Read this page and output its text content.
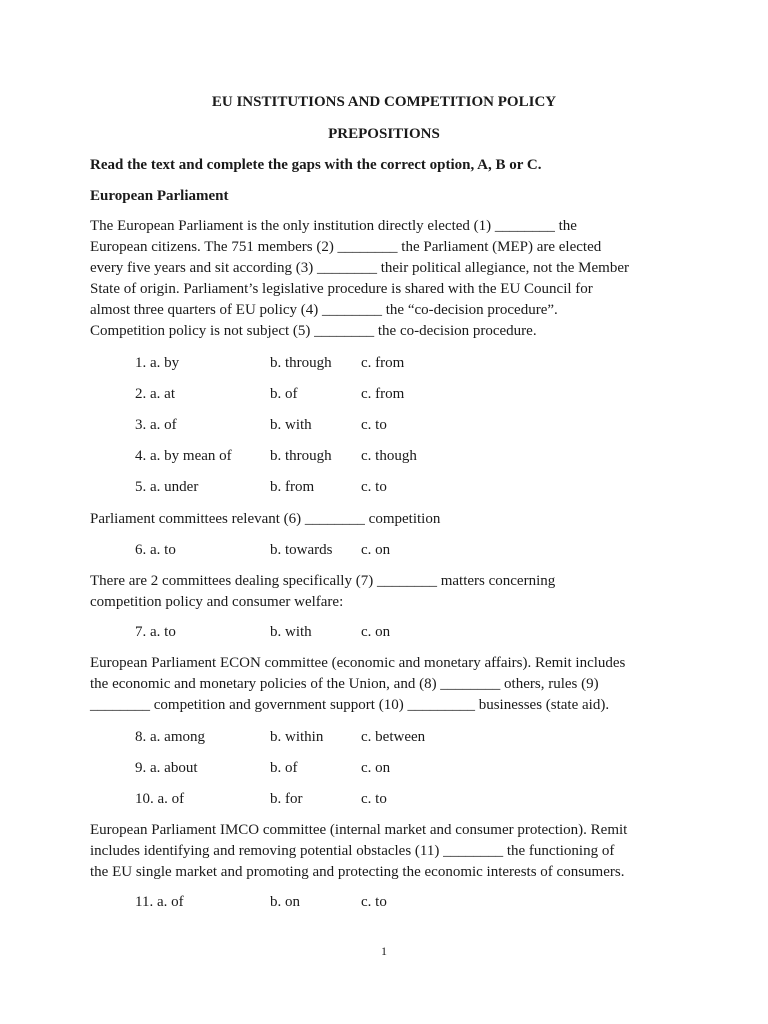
EU INSTITUTIONS AND COMPETITION POLICY

PREPOSITIONS

Read the text and complete the gaps with the correct option, A, B or C.

European Parliament

The European Parliament is the only institution directly elected (1) ________ the
European citizens. The 751 members (2) ________ the Parliament (MEP) are elected
every five years and sit according (3) ________ their political allegiance, not the Member
State of origin. Parliament’s legislative procedure is shared with the EU Council for
almost three quarters of EU policy (4) ________ the “co-decision procedure”.
Competition policy is not subject (5) ________ the co-decision procedure.

1. a. by	b. through c. from
2. a. at	b. of	c. from
3. a. of	b. with	c. to
4. a. by mean of	b. through c. though
5. a. under	b. from	c. to

Parliament committees relevant (6) ________ competition

6. a. to	b. towards c. on

There are 2 committees dealing specifically (7) ________ matters concerning
competition policy and consumer welfare:

7. a. to	b. with	c. on

European Parliament ECON committee (economic and monetary affairs). Remit includes
the economic and monetary policies of the Union, and (8) ________ others, rules (9)
________ competition and government support (10) _________ businesses (state aid).

8. a. among	b. within	c. between
9. a. about	b. of	c. on
10. a. of	b. for	c. to

European Parliament IMCO committee (internal market and consumer protection). Remit
includes identifying and removing potential obstacles (11) ________ the functioning of
the EU single market and promoting and protecting the economic interests of consumers.

11. a. of	b. on	c. to
1
